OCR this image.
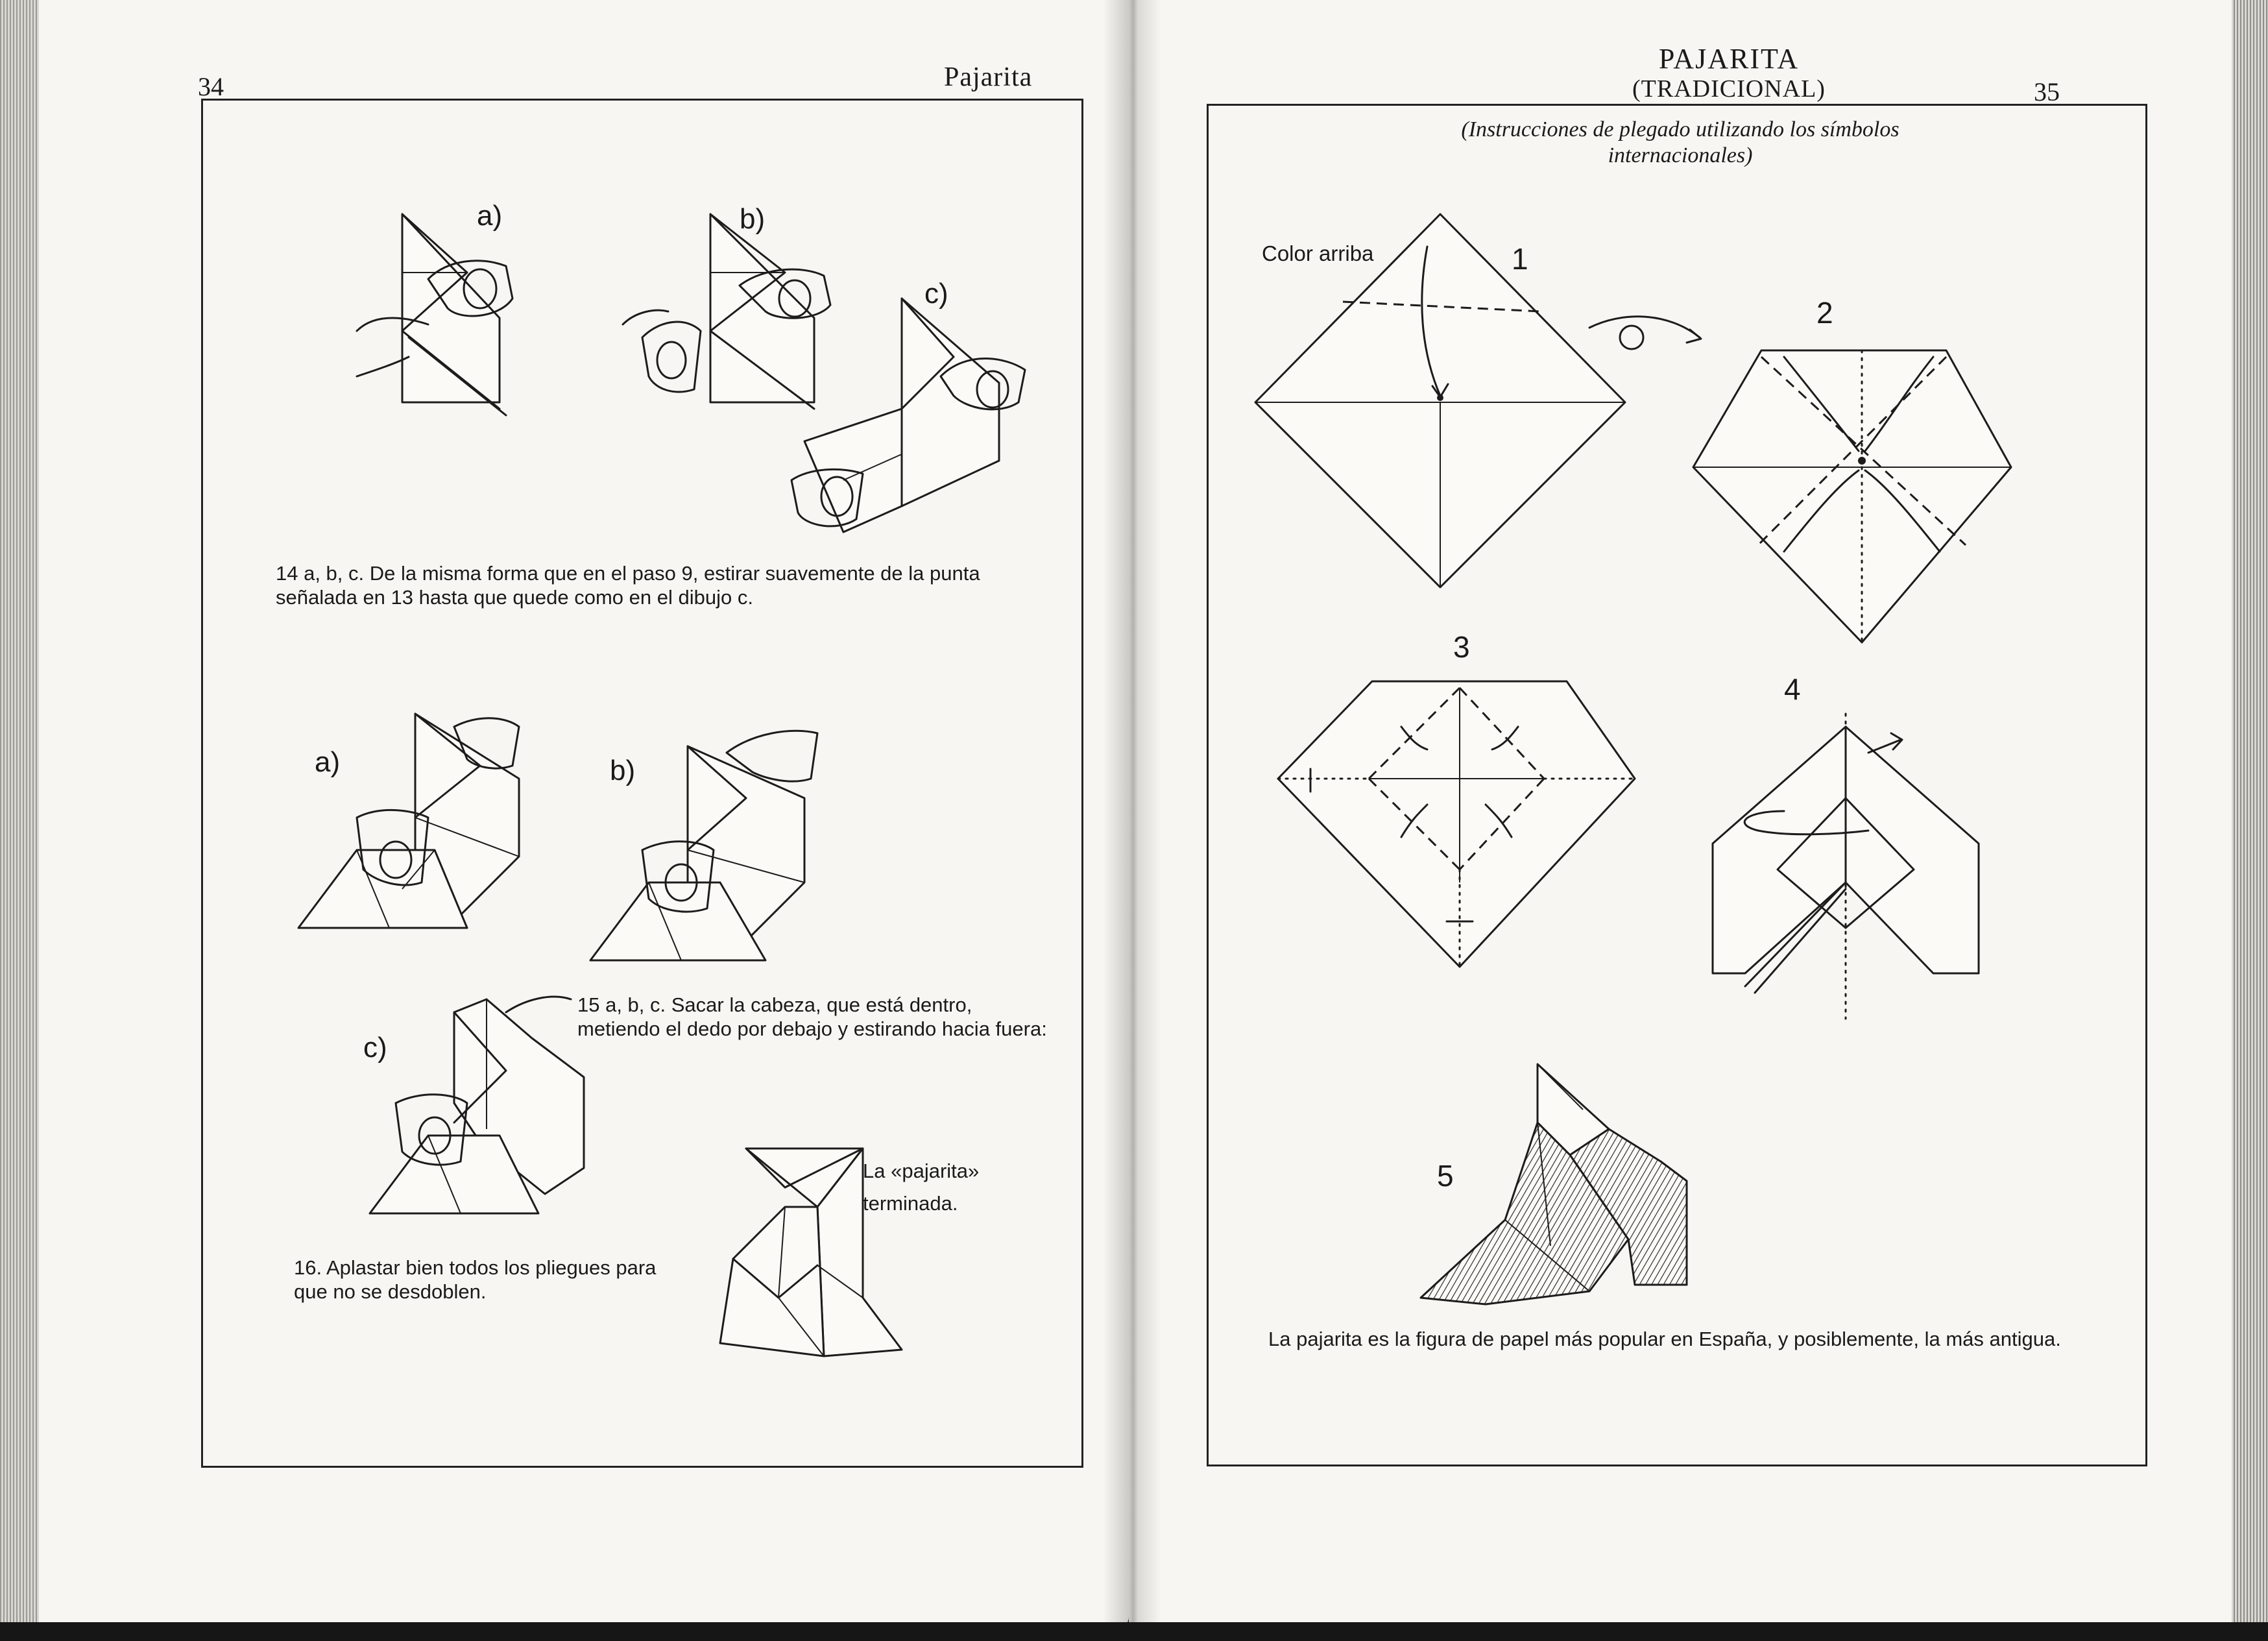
34	Pajarita
a)	b)
c)
14 a, b, c. De la misma forma que en el paso 9, estirar suavemente de la punta señalada en 13 hasta que quede como en el dibujo c.
a)	b)
c)
15 a, b, c. Sacar la cabeza, que está dentro, metiendo el dedo por debajo y estirando hacia fuera:
La «pajarita» terminada.
16. Aplastar bien todos los pliegues para que no se desdoblen.
PAJARITA
(TRADICIONAL)	35
(Instrucciones de plegado utilizando los símbolos internacionales)
Color arriba	1
2
3
4
5
La pajarita es la figura de papel más popular en España, y posiblemente, la más antigua.
